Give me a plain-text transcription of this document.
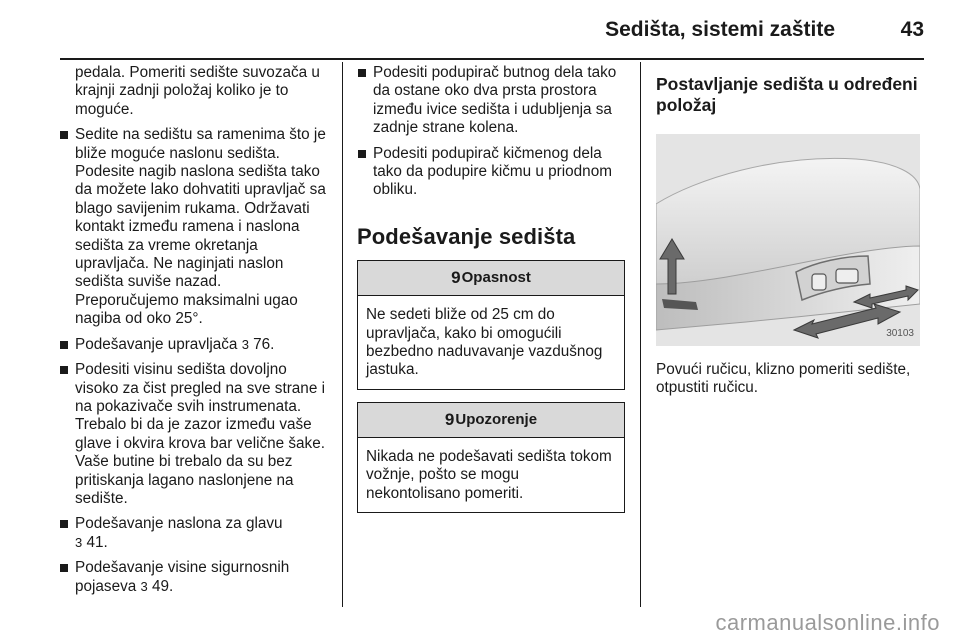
Sedišta, sistemi zaštite	43

pedala. Pomeriti sedište suvozača u krajnji zadnji položaj koliko je to moguće.

Sedite na sedištu sa ramenima što je bliže moguće naslonu sedišta. Podesite nagib naslona sedišta tako da možete lako dohvatiti upravljač sa blago savijenim rukama. Održavati kontakt između ramena i naslona sedišta za vreme okretanja upravljača. Ne naginjati naslon sedišta suviše nazad. Preporučujemo maksimalni ugao nagiba od oko 25°.
Podešavanje upravljača 3 76.
Podesiti visinu sedišta dovoljno visoko za čist pregled na sve strane i na pokazivače svih instrumenata. Trebalo bi da je zazor između vaše glave i okvira krova bar velične šake. Vaše butine bi trebalo da su bez pritiskanja lagano naslonjene na sedište.
Podešavanje naslona za glavu
3 41.
Podešavanje visine sigurnosnih pojaseva 3 49.
Podesiti podupirač butnog dela tako da ostane oko dva prsta prostora između ivice sedišta i udubljenja sa zadnje strane kolena.
Podesiti podupirač kičmenog dela tako da podupire kičmu u priodnom obliku.
Podešavanje sedišta
9 Opasnost
Ne sedeti bliže od 25 cm do upravljača, kako bi omogućili bezbedno naduvavanje vazdušnog jastuka.
9 Upozorenje
Nikada ne podešavati sedišta tokom vožnje, pošto se mogu nekontolisano pomeriti.
Postavljanje sedišta u određeni položaj
30103

Povući ručicu, klizno pomeriti sedište, otpustiti ručicu.

carmanualsonline.info
